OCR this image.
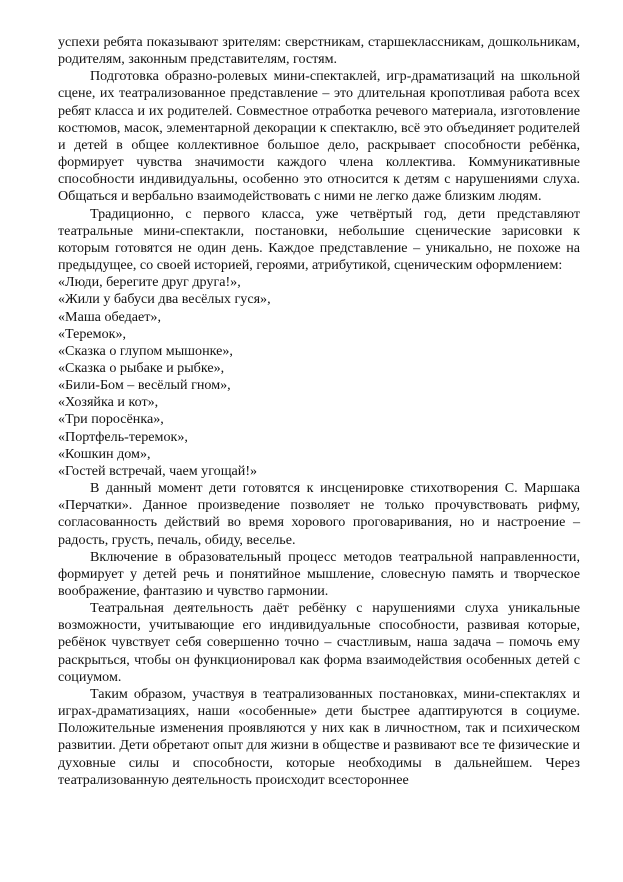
успехи ребята показывают зрителям: сверстникам, старшеклассникам, дошкольникам, родителям, законным представителям, гостям.

Подготовка образно-ролевых мини-спектаклей, игр-драматизаций на школьной сцене, их театрализованное представление – это длительная кропотливая работа всех ребят класса и их родителей. Совместное отработка речевого материала, изготовление костюмов, масок, элементарной декорации к спектаклю, всё это объединяет родителей и детей в общее коллективное большое дело, раскрывает способности ребёнка, формирует чувства значимости каждого члена коллектива. Коммуникативные способности индивидуальны, особенно это относится к детям с нарушениями слуха. Общаться и вербально взаимодействовать с ними не легко даже близким людям.

Традиционно, с первого класса, уже четвёртый год, дети представляют театральные мини-спектакли, постановки, небольшие сценические зарисовки к которым готовятся не один день. Каждое представление – уникально, не похоже на предыдущее, со своей историей, героями, атрибутикой, сценическим оформлением:

«Люди, берегите друг друга!»,
«Жили у бабуси два весёлых гуся»,
«Маша обедает»,
«Теремок»,
«Сказка о глупом мышонке»,
«Сказка о рыбаке и рыбке»,
«Били-Бом – весёлый гном»,
«Хозяйка и кот»,
«Три поросёнка»,
«Портфель-теремок»,
«Кошкин дом»,
«Гостей встречай, чаем угощай!»

В данный момент дети готовятся к инсценировке стихотворения С. Маршака «Перчатки». Данное произведение позволяет не только прочувствовать рифму, согласованность действий во время хорового проговаривания, но и настроение – радость, грусть, печаль, обиду, веселье.

Включение в образовательный процесс методов театральной направленности, формирует у детей речь и понятийное мышление, словесную память и творческое воображение, фантазию и чувство гармонии.

Театральная деятельность даёт ребёнку с нарушениями слуха уникальные возможности, учитывающие его индивидуальные способности, развивая которые, ребёнок чувствует себя совершенно точно – счастливым, наша задача – помочь ему раскрыться, чтобы он функционировал как форма взаимодействия особенных детей с социумом.

Таким образом, участвуя в театрализованных постановках, мини-спектаклях и играх-драматизациях, наши «особенные» дети быстрее адаптируются в социуме. Положительные изменения проявляются у них как в личностном, так и психическом развитии. Дети обретают опыт для жизни в обществе и развивают все те физические и духовные силы и способности, которые необходимы в дальнейшем. Через театрализованную деятельность происходит всестороннее
